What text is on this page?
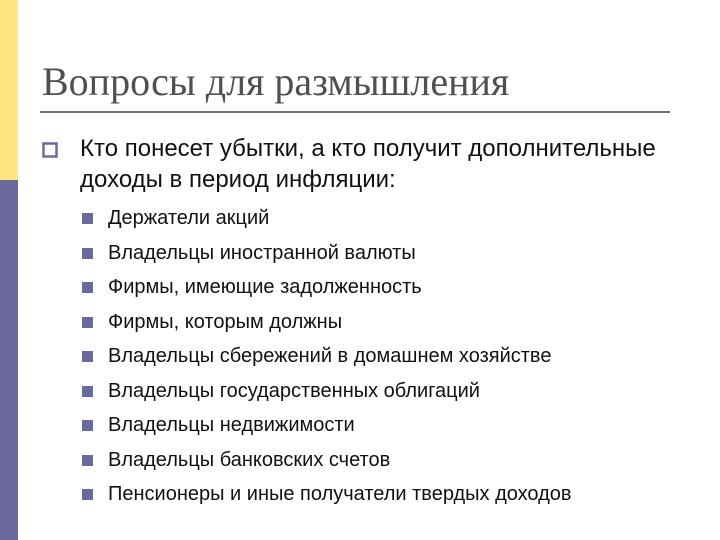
Вопросы для размышления

Кто понесет убытки, а кто получит дополнительные доходы в период инфляции:

Держатели акций
Владельцы иностранной валюты
Фирмы, имеющие задолженность
Фирмы, которым должны
Владельцы сбережений в домашнем хозяйстве
Владельцы государственных облигаций
Владельцы недвижимости
Владельцы банковских счетов
Пенсионеры и иные получатели твердых доходов
